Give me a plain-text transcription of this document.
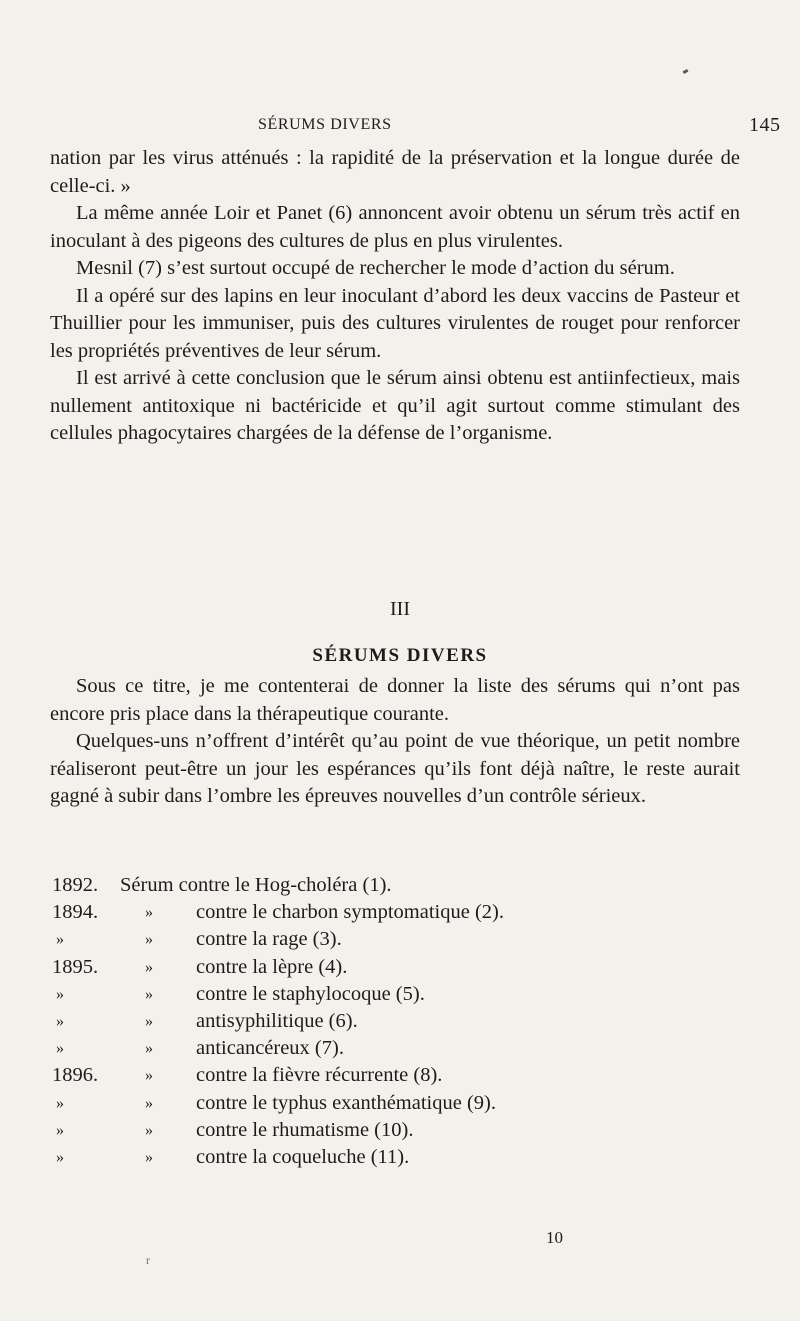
SÉRUMS DIVERS	145

nation par les virus atténués : la rapidité de la préservation et la longue durée de celle-ci. »

La même année Loir et Panet (6) annoncent avoir obtenu un sérum très actif en inoculant à des pigeons des cultures de plus en plus virulentes.

Mesnil (7) s’est surtout occupé de rechercher le mode d’action du sérum.

Il a opéré sur des lapins en leur inoculant d’abord les deux vaccins de Pasteur et Thuillier pour les immuniser, puis des cultures virulentes de rouget pour renforcer les propriétés préventives de leur sérum.

Il est arrivé à cette conclusion que le sérum ainsi obtenu est antiinfectieux, mais nullement antitoxique ni bactéricide et qu’il agit surtout comme stimulant des cellules phagocytaires chargées de la défense de l’organisme.

III
SÉRUMS DIVERS

Sous ce titre, je me contenterai de donner la liste des sérums qui n’ont pas encore pris place dans la thérapeutique courante.

Quelques-uns n’offrent d’intérêt qu’au point de vue théorique, un petit nombre réaliseront peut-être un jour les espérances qu’ils font déjà naître, le reste aurait gagné à subir dans l’ombre les épreuves nouvelles d’un contrôle sérieux.

1892.	Sérum contre le Hog-choléra (1).
1894.	» contre le charbon symptomatique (2).
»	» contre la rage (3).
1895.	» contre la lèpre (4).
»	» contre le staphylocoque (5).
»	» antisyphilitique (6).
»	» anticancéreux (7).
1896.	» contre la fièvre récurrente (8).
»	» contre le typhus exanthématique (9).
»	» contre le rhumatisme (10).
»	» contre la coqueluche (11).
10
r
